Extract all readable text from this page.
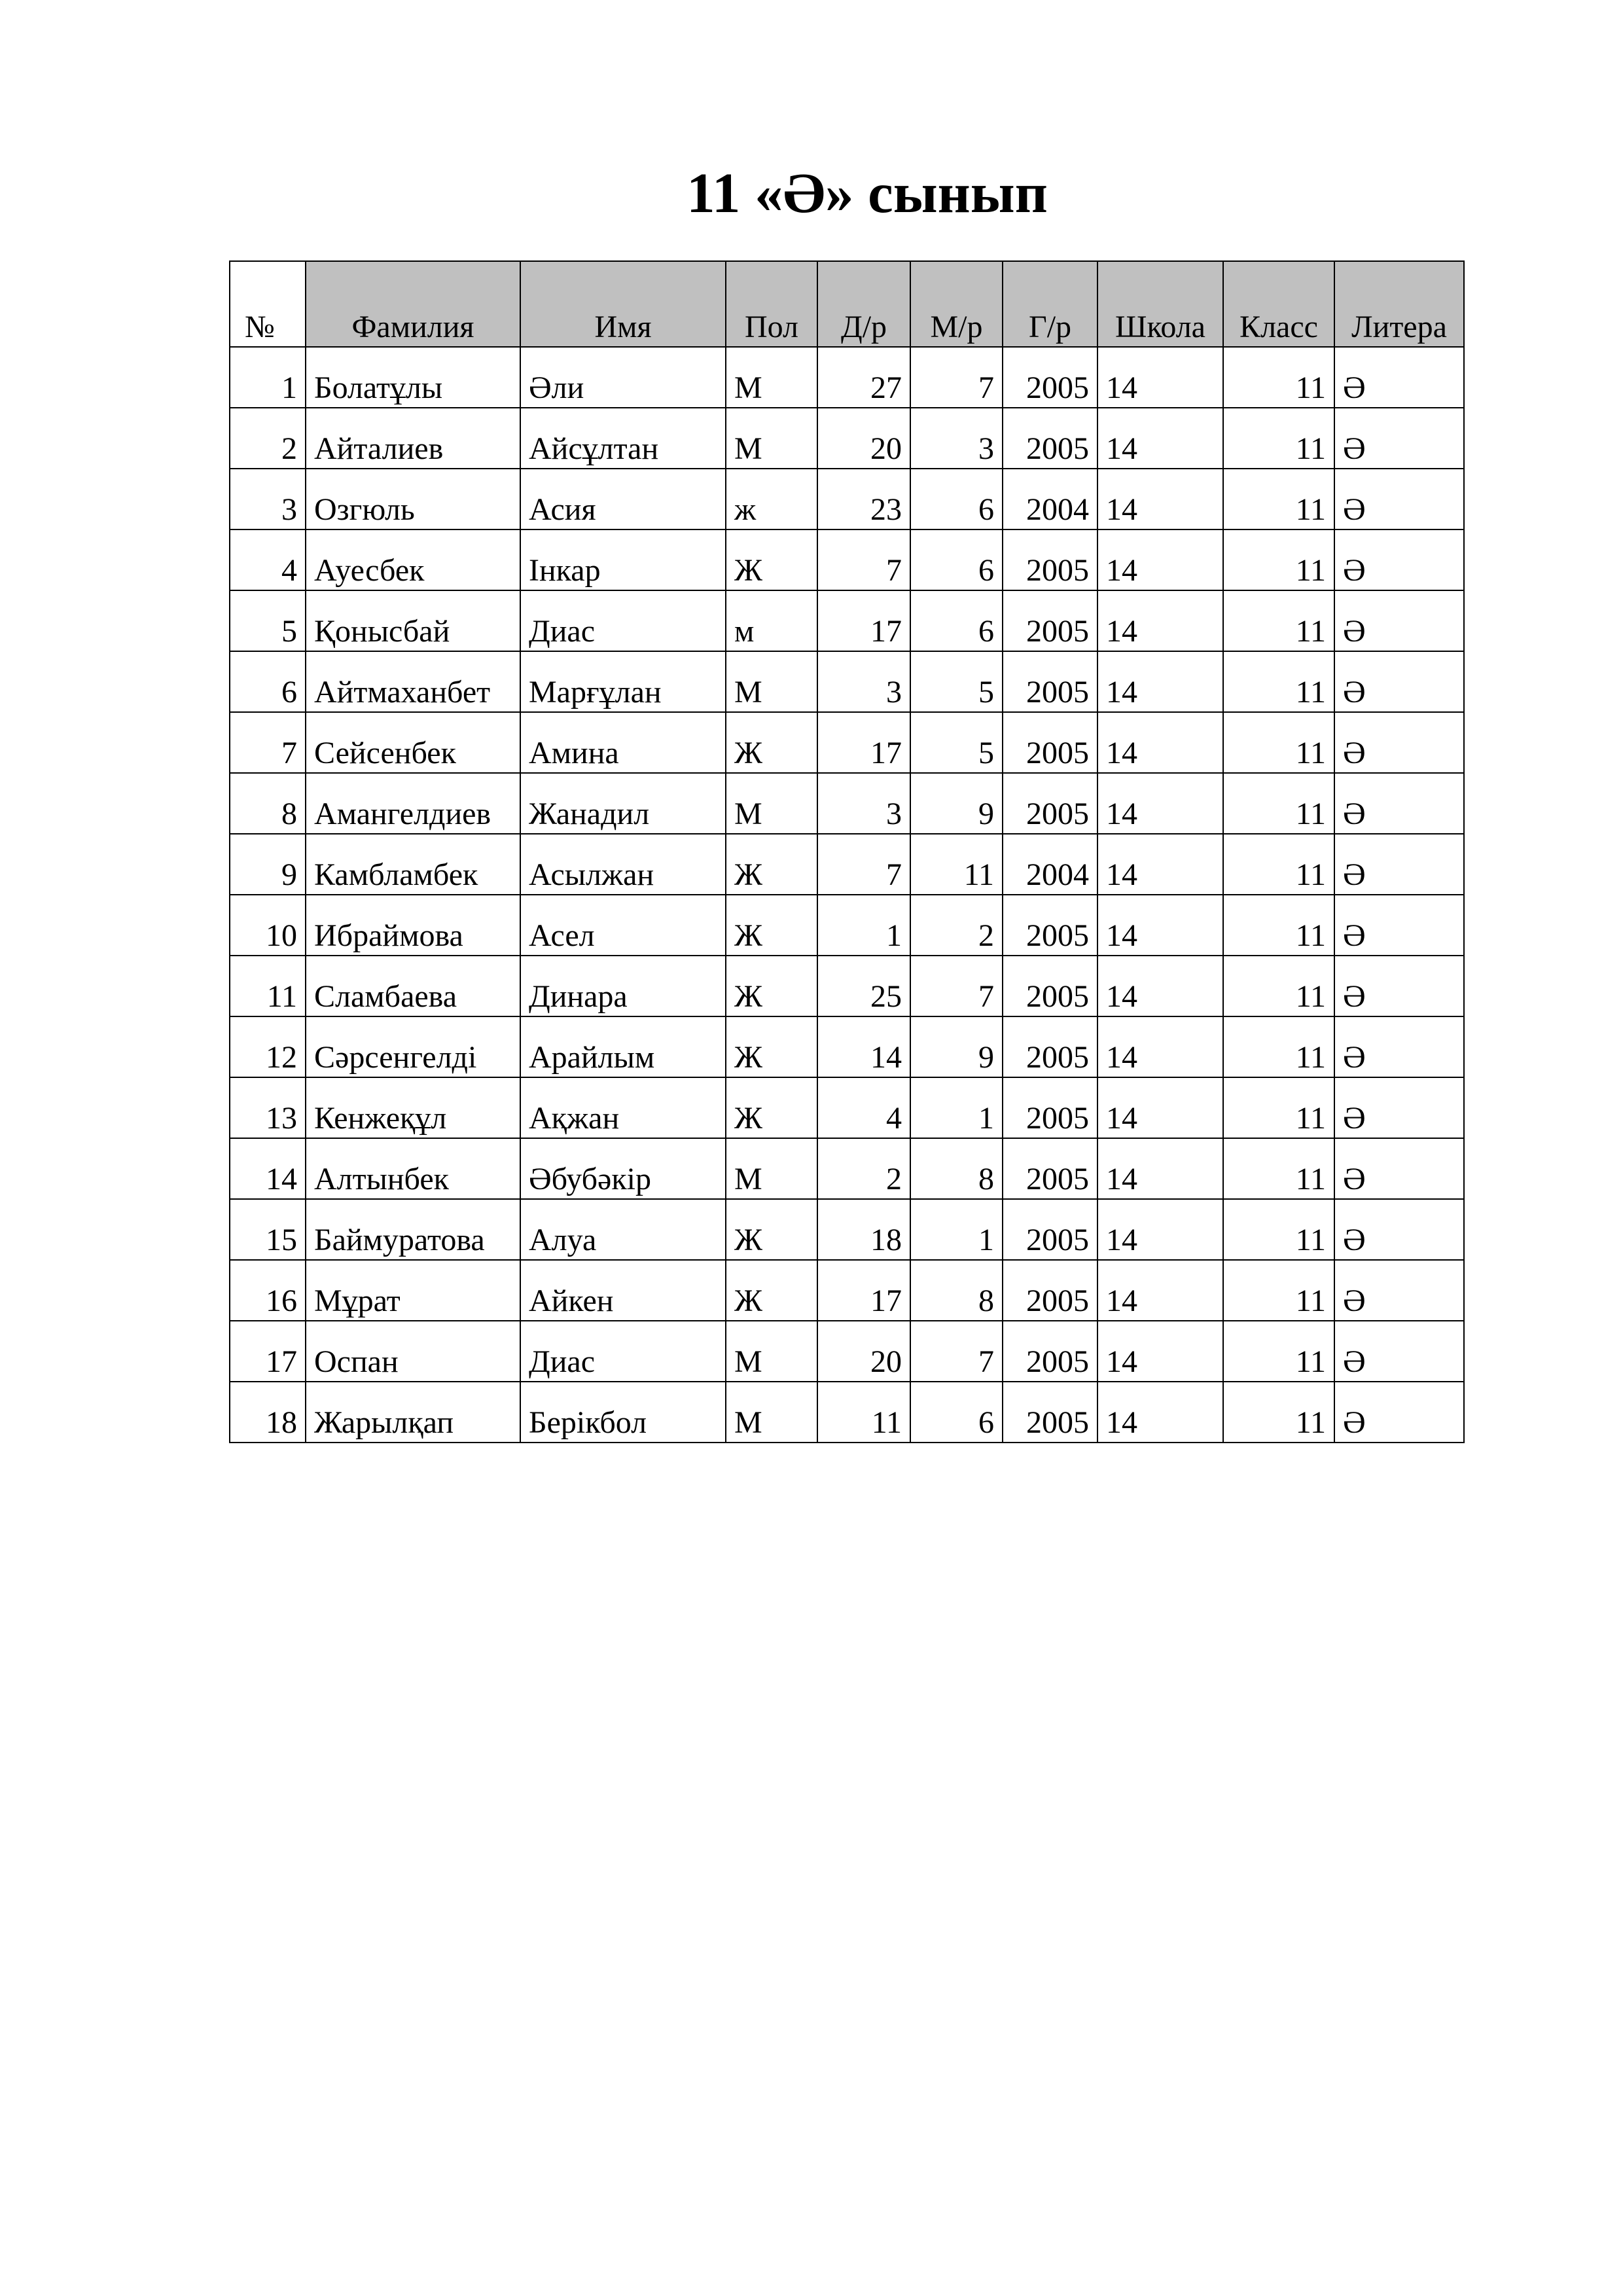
11 «Ә» сынып
№	Фамилия	Имя	Пол	Д/р	М/р	Г/р	Школа	Класс	Литера
1	Болатұлы	Әли	М	27	7	2005	14	11	Ә
2	Айталиев	Айсұлтан	М	20	3	2005	14	11	Ә
3	Озгюль	Асия	ж	23	6	2004	14	11	Ә
4	Ауесбек	Інкар	Ж	7	6	2005	14	11	Ә
5	Қонысбай	Диас	м	17	6	2005	14	11	Ә
6	Айтмаханбет	Марғұлан	М	3	5	2005	14	11	Ә
7	Сейсенбек	Амина	Ж	17	5	2005	14	11	Ә
8	Амангелдиев	Жанадил	М	3	9	2005	14	11	Ә
9	Камбламбек	Асылжан	Ж	7	11	2004	14	11	Ә
10	Ибраймова	Асел	Ж	1	2	2005	14	11	Ә
11	Сламбаева	Динара	Ж	25	7	2005	14	11	Ә
12	Сәрсенгелді	Арайлым	Ж	14	9	2005	14	11	Ә
13	Кенжеқұл	Ақжан	Ж	4	1	2005	14	11	Ә
14	Алтынбек	Әбубәкір	М	2	8	2005	14	11	Ә
15	Баймуратова	Алуа	Ж	18	1	2005	14	11	Ә
16	Мұрат	Айкен	Ж	17	8	2005	14	11	Ә
17	Оспан	Диас	М	20	7	2005	14	11	Ә
18	Жарылқап	Берікбол	М	11	6	2005	14	11	Ә
